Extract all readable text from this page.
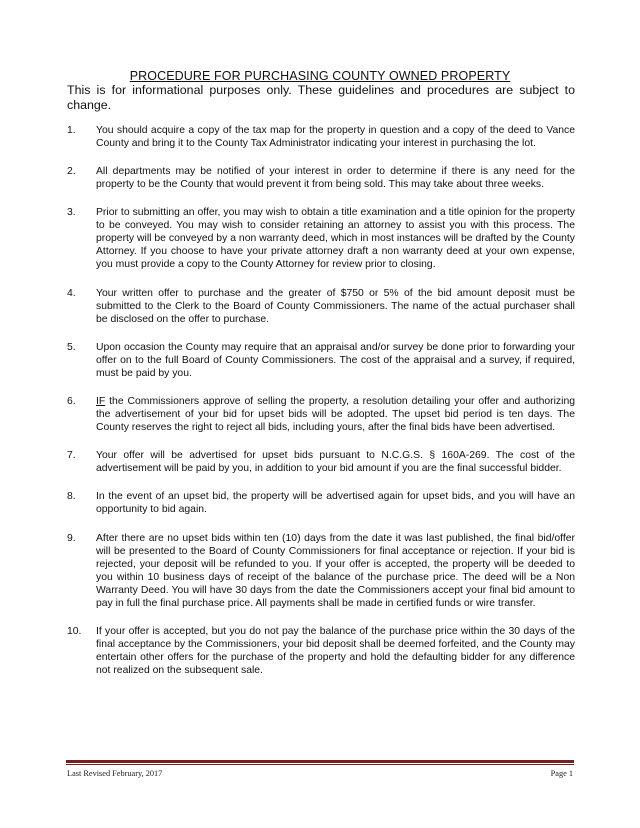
PROCEDURE FOR PURCHASING COUNTY OWNED PROPERTY
This is for informational purposes only. These guidelines and procedures are subject to change.
1. You should acquire a copy of the tax map for the property in question and a copy of the deed to Vance County and bring it to the County Tax Administrator indicating your interest in purchasing the lot.
2. All departments may be notified of your interest in order to determine if there is any need for the property to be the County that would prevent it from being sold. This may take about three weeks.
3. Prior to submitting an offer, you may wish to obtain a title examination and a title opinion for the property to be conveyed. You may wish to consider retaining an attorney to assist you with this process. The property will be conveyed by a non warranty deed, which in most instances will be drafted by the County Attorney. If you choose to have your private attorney draft a non warranty deed at your own expense, you must provide a copy to the County Attorney for review prior to closing.
4. Your written offer to purchase and the greater of $750 or 5% of the bid amount deposit must be submitted to the Clerk to the Board of County Commissioners. The name of the actual purchaser shall be disclosed on the offer to purchase.
5. Upon occasion the County may require that an appraisal and/or survey be done prior to forwarding your offer on to the full Board of County Commissioners. The cost of the appraisal and a survey, if required, must be paid by you.
6. IF the Commissioners approve of selling the property, a resolution detailing your offer and authorizing the advertisement of your bid for upset bids will be adopted. The upset bid period is ten days. The County reserves the right to reject all bids, including yours, after the final bids have been advertised.
7. Your offer will be advertised for upset bids pursuant to N.C.G.S. § 160A-269. The cost of the advertisement will be paid by you, in addition to your bid amount if you are the final successful bidder.
8. In the event of an upset bid, the property will be advertised again for upset bids, and you will have an opportunity to bid again.
9. After there are no upset bids within ten (10) days from the date it was last published, the final bid/offer will be presented to the Board of County Commissioners for final acceptance or rejection. If your bid is rejected, your deposit will be refunded to you. If your offer is accepted, the property will be deeded to you within 10 business days of receipt of the balance of the purchase price. The deed will be a Non Warranty Deed. You will have 30 days from the date the Commissioners accept your final bid amount to pay in full the final purchase price. All payments shall be made in certified funds or wire transfer.
10. If your offer is accepted, but you do not pay the balance of the purchase price within the 30 days of the final acceptance by the Commissioners, your bid deposit shall be deemed forfeited, and the County may entertain other offers for the purchase of the property and hold the defaulting bidder for any difference not realized on the subsequent sale.
Last Revised February, 2017	Page 1
